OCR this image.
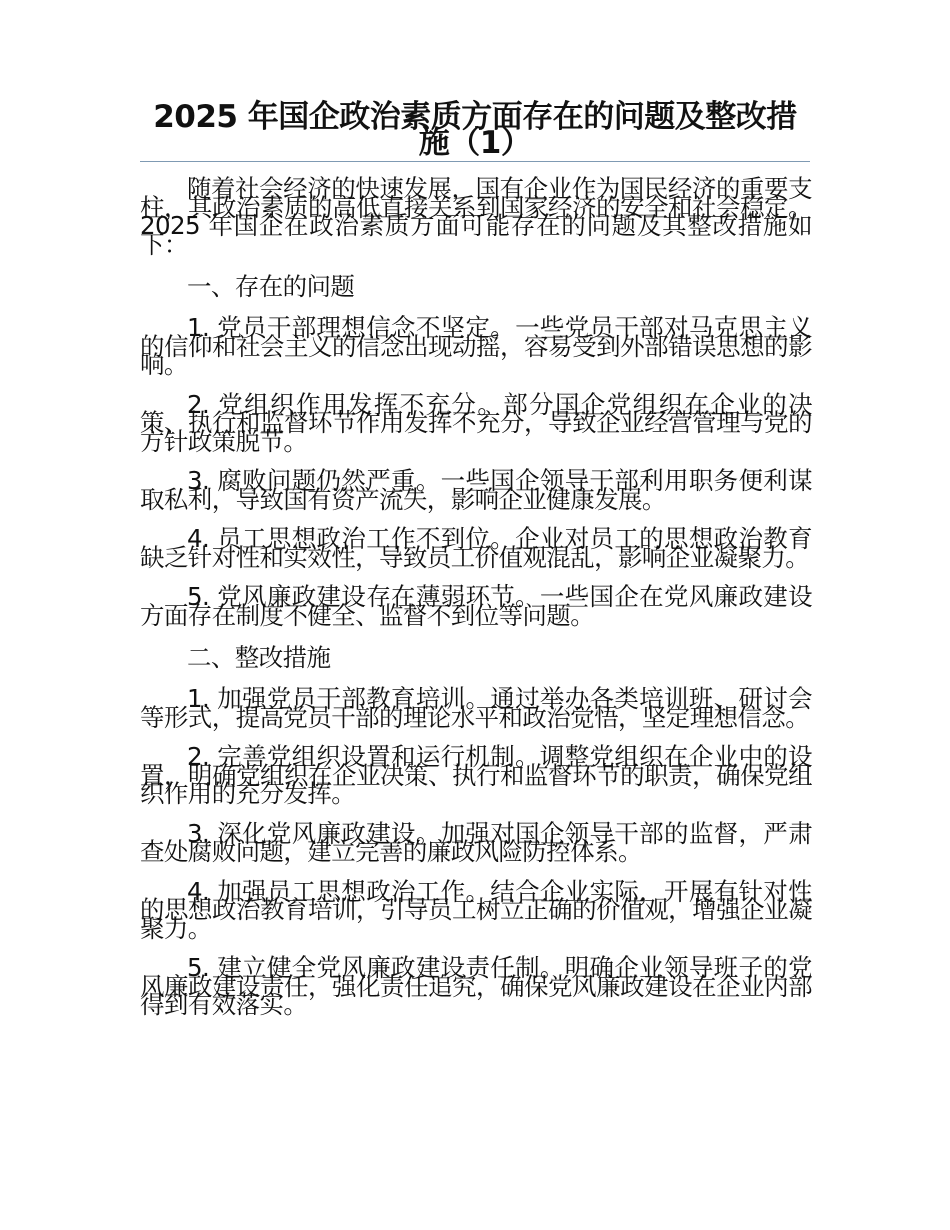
2025 年国企政治素质方面存在的问题及整改措施（1）

随着社会经济的快速发展，国有企业作为国民经济的重要支柱，其政治素质的高低直接关系到国家经济的安全和社会稳定。2025 年国企在政治素质方面可能存在的问题及其整改措施如下：

一、存在的问题

1. 党员干部理想信念不坚定。一些党员干部对马克思主义的信仰和社会主义的信念出现动摇，容易受到外部错误思想的影响。

2. 党组织作用发挥不充分。部分国企党组织在企业的决策、执行和监督环节作用发挥不充分，导致企业经营管理与党的方针政策脱节。

3. 腐败问题仍然严重。一些国企领导干部利用职务便利谋取私利，导致国有资产流失，影响企业健康发展。

4. 员工思想政治工作不到位。企业对员工的思想政治教育缺乏针对性和实效性，导致员工价值观混乱，影响企业凝聚力。

5. 党风廉政建设存在薄弱环节。一些国企在党风廉政建设方面存在制度不健全、监督不到位等问题。

二、整改措施

1. 加强党员干部教育培训。通过举办各类培训班、研讨会等形式，提高党员干部的理论水平和政治觉悟，坚定理想信念。

2. 完善党组织设置和运行机制。调整党组织在企业中的设置，明确党组织在企业决策、执行和监督环节的职责，确保党组织作用的充分发挥。

3. 深化党风廉政建设。加强对国企领导干部的监督，严肃查处腐败问题，建立完善的廉政风险防控体系。

4. 加强员工思想政治工作。结合企业实际，开展有针对性的思想政治教育培训，引导员工树立正确的价值观，增强企业凝聚力。

5. 建立健全党风廉政建设责任制。明确企业领导班子的党风廉政建设责任，强化责任追究，确保党风廉政建设在企业内部得到有效落实。
